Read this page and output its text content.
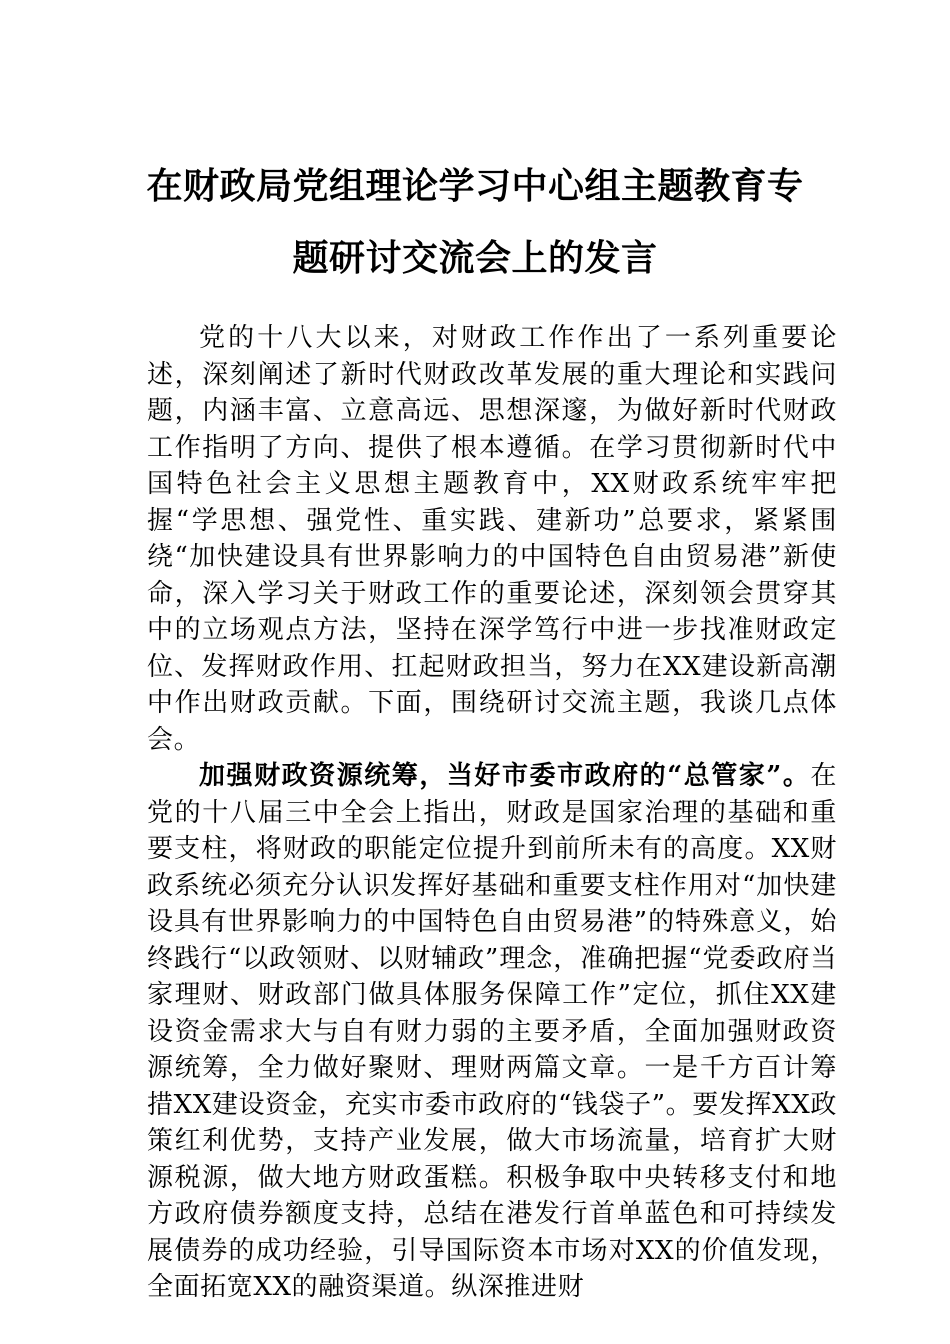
在财政局党组理论学习中心组主题教育专
题研讨交流会上的发言

党的十八大以来，对财政工作作出了一系列重要论述，深刻阐述了新时代财政改革发展的重大理论和实践问题，内涵丰富、立意高远、思想深邃，为做好新时代财政工作指明了方向、提供了根本遵循。在学习贯彻新时代中国特色社会主义思想主题教育中，XX财政系统牢牢把握“学思想、强党性、重实践、建新功”总要求，紧紧围绕“加快建设具有世界影响力的中国特色自由贸易港”新使命，深入学习关于财政工作的重要论述，深刻领会贯穿其中的立场观点方法，坚持在深学笃行中进一步找准财政定位、发挥财政作用、扛起财政担当，努力在XX建设新高潮中作出财政贡献。下面，围绕研讨交流主题，我谈几点体会。

加强财政资源统筹，当好市委市政府的“总管家”。在党的十八届三中全会上指出，财政是国家治理的基础和重要支柱，将财政的职能定位提升到前所未有的高度。XX财政系统必须充分认识发挥好基础和重要支柱作用对“加快建设具有世界影响力的中国特色自由贸易港”的特殊意义，始终践行“以政领财、以财辅政”理念，准确把握“党委政府当家理财、财政部门做具体服务保障工作”定位，抓住XX建设资金需求大与自有财力弱的主要矛盾，全面加强财政资源统筹，全力做好聚财、理财两篇文章。一是千方百计筹措XX建设资金，充实市委市政府的“钱袋子”。要发挥XX政策红利优势，支持产业发展，做大市场流量，培育扩大财源税源，做大地方财政蛋糕。积极争取中央转移支付和地方政府债券额度支持，总结在港发行首单蓝色和可持续发展债券的成功经验，引导国际资本市场对XX的价值发现，全面拓宽XX的融资渠道。纵深推进财
